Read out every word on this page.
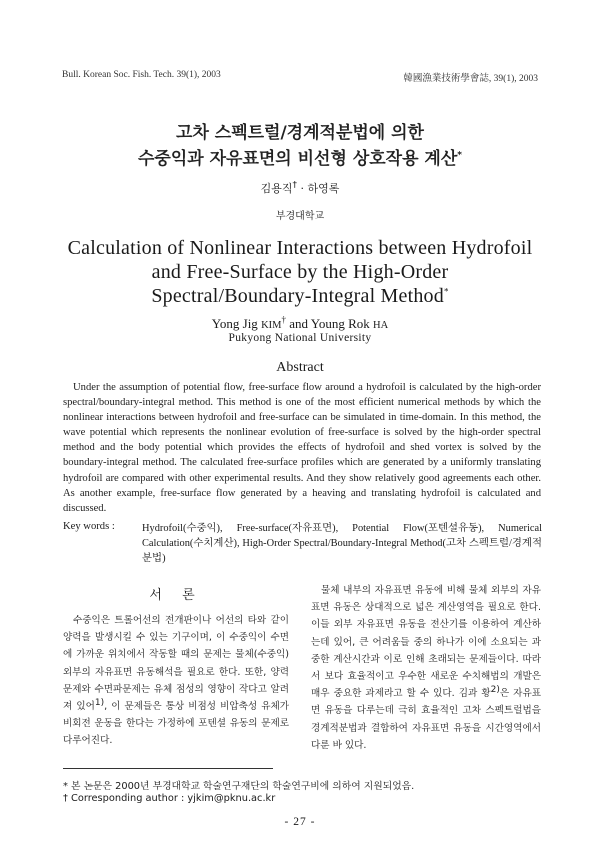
Bull. Korean Soc. Fish. Tech. 39(1), 2003	韓國漁業技術學會誌, 39(1), 2003
고차 스펙트럴/경계적분법에 의한
수중익과 자유표면의 비선형 상호작용 계산*
김용직† · 하영록
부경대학교
Calculation of Nonlinear Interactions between Hydrofoil
and Free-Surface by the High-Order
Spectral/Boundary-Integral Method*
Yong Jig KIM† and Young Rok HA
Pukyong National University
Abstract
Under the assumption of potential flow, free-surface flow around a hydrofoil is calculated by the high-order spectral/boundary-integral method. This method is one of the most efficient numerical methods by which the nonlinear interactions between hydrofoil and free-surface can be simulated in time-domain. In this method, the wave potential which represents the nonlinear evolution of free-surface is solved by the high-order spectral method and the body potential which provides the effects of hydrofoil and shed vortex is solved by the boundary-integral method. The calculated free-surface profiles which are generated by a uniformly translating hydrofoil are compared with other experimental results. And they show relatively good agreements each other. As another example, free-surface flow generated by a heaving and translating hydrofoil is calculated and discussed.
Key words :	Hydrofoil(수중익), Free-surface(자유표면), Potential Flow(포텐셜유동), Numerical Calculation(수치계산), High-Order Spectral/Boundary-Integral Method(고차 스펙트럴/경계적분법)
서 론
수중익은 트롤어선의 전개판이나 어선의 타와 같이 양력을 발생시킬 수 있는 기구이며, 이 수중익이 수면에 가까운 위치에서 작동할 때의 문제는 물체(수중익) 외부의 자유표면 유동해석을 필요로 한다. 또한, 양력문제와 수면파문제는 유체 점성의 영향이 작다고 알려져 있어1), 이 문제들은 통상 비점성 비압축성 유체가 비회전 운동을 한다는 가정하에 포텐셜 유동의 문제로 다루어진다.
물체 내부의 자유표면 유동에 비해 물체 외부의 자유표면 유동은 상대적으로 넓은 계산영역을 필요로 한다. 이들 외부 자유표면 유동을 전산기를 이용하여 계산하는데 있어, 큰 어려움들 중의 하나가 이에 소요되는 과중한 계산시간과 이로 인해 초래되는 문제들이다. 따라서 보다 효율적이고 우수한 새로운 수치해법의 개발은 매우 중요한 과제라고 할 수 있다. 김과 황2)은 자유표면 유동을 다루는데 극히 효율적인 고차 스펙트럴법을 경계적분법과 결합하여 자유표면 유동을 시간영역에서 다룬 바 있다.
* 본 논문은 2000년 부경대학교 학술연구재단의 학술연구비에 의하여 지원되었음.
† Corresponding author : yjkim@pknu.ac.kr
- 27 -
